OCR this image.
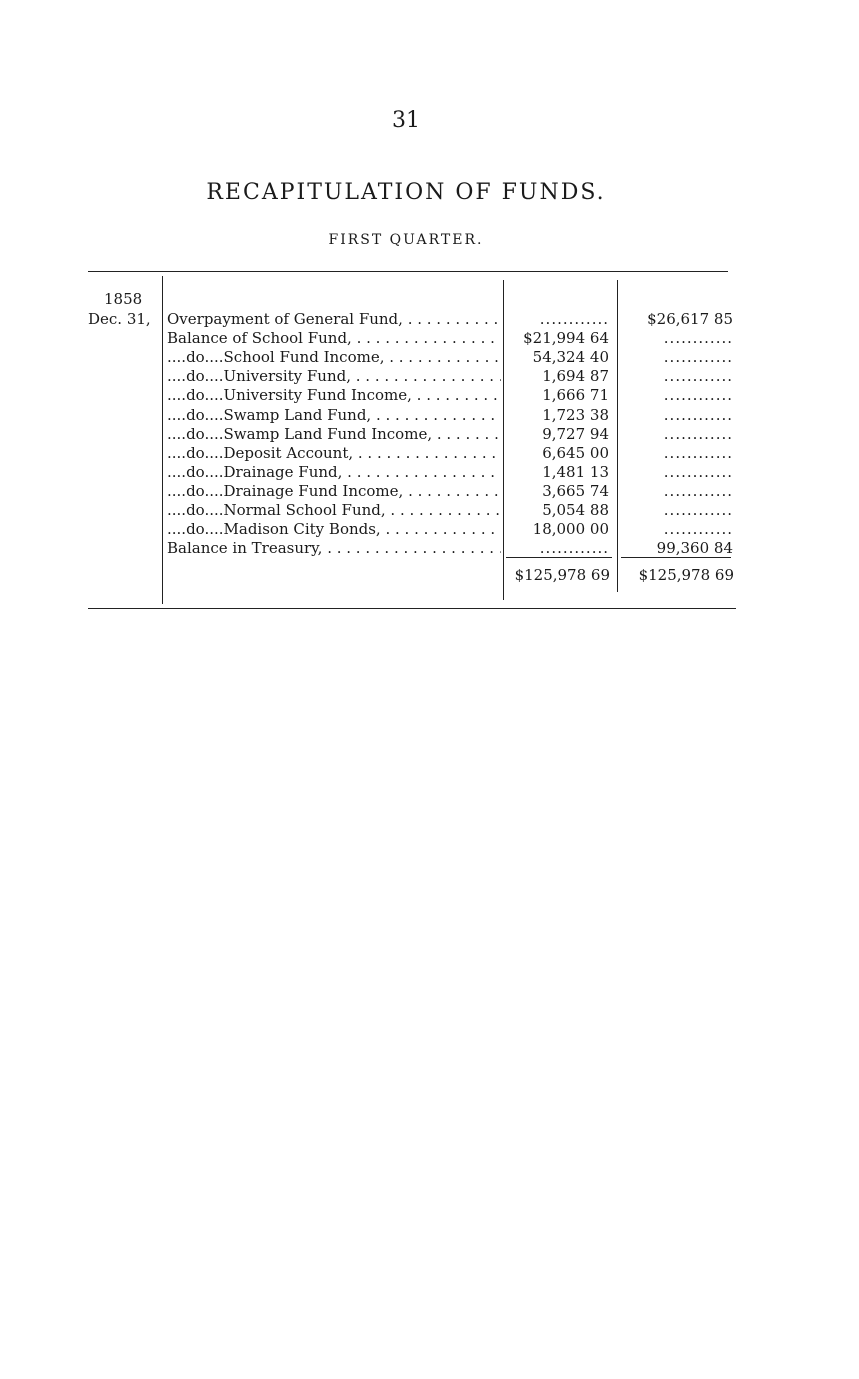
31
RECAPITULATION OF FUNDS.
FIRST QUARTER.
1858
Dec. 31, Overpayment of General Fund, . . .	............	$26,617 85
Balance of School Fund, . . .	$21,994 64	............
....do....School Fund Income, . . .	54,324 40	............
....do....University Fund, . . .	1,694 87	............
....do....University Fund Income, . . .	1,666 71	............
....do....Swamp Land Fund, . . .	1,723 38	............
....do....Swamp Land Fund Income, . . .	9,727 94	............
....do....Deposit Account, . . .	6,645 00	............
....do....Drainage Fund, . . .	1,481 13	............
....do....Drainage Fund Income, . . .	3,665 74	............
....do....Normal School Fund, . . .	5,054 88	............
....do....Madison City Bonds, . . .	18,000 00	............
Balance in Treasury, . . .	............	99,360 84
$125,978 69	$125,978 69
